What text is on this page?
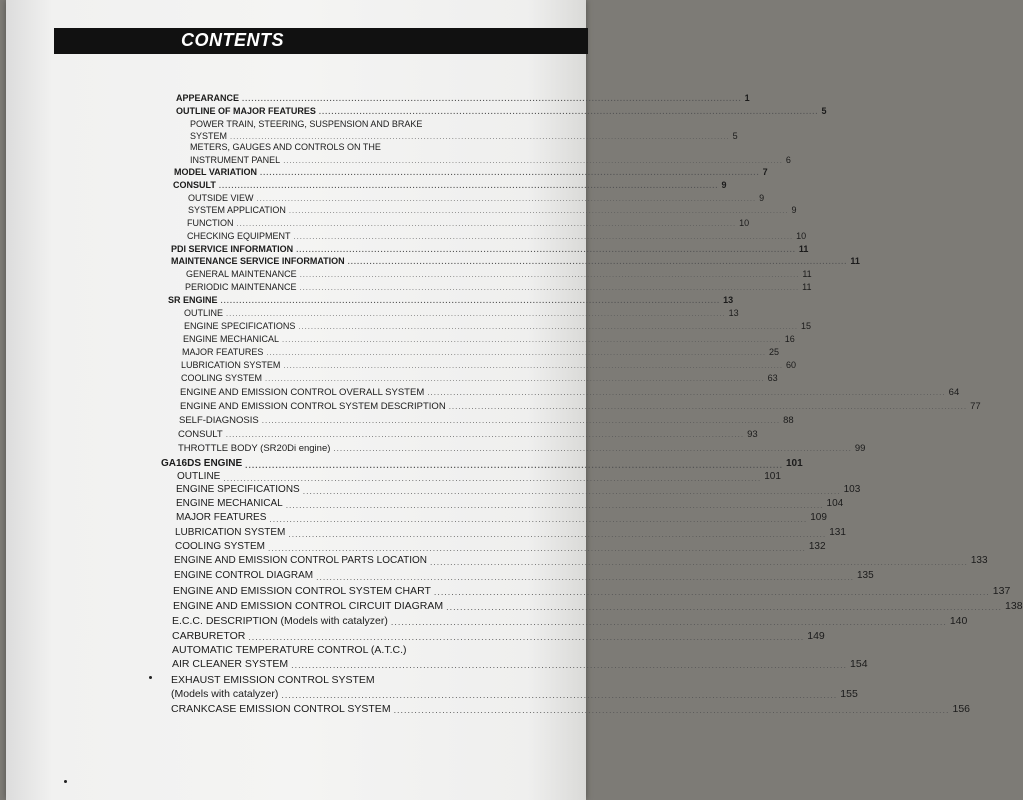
CONTENTS
APPEARANCE ................................................................................................................................................................ 1
OUTLINE OF MAJOR FEATURES ................................................................................................................................................................ 5
POWER TRAIN, STEERING, SUSPENSION AND BRAKE
SYSTEM ................................................................................................................................................................ 5
METERS, GAUGES AND CONTROLS ON THE
INSTRUMENT PANEL ................................................................................................................................................................ 6
MODEL VARIATION ................................................................................................................................................................ 7
CONSULT ................................................................................................................................................................ 9
OUTSIDE VIEW ................................................................................................................................................................ 9
SYSTEM APPLICATION ................................................................................................................................................................ 9
FUNCTION ................................................................................................................................................................ 10
CHECKING EQUIPMENT ................................................................................................................................................................ 10
PDI SERVICE INFORMATION ................................................................................................................................................................ 11
MAINTENANCE SERVICE INFORMATION ................................................................................................................................................................ 11
GENERAL MAINTENANCE ................................................................................................................................................................ 11
PERIODIC MAINTENANCE ................................................................................................................................................................ 11
SR ENGINE ................................................................................................................................................................ 13
OUTLINE ................................................................................................................................................................ 13
ENGINE SPECIFICATIONS ................................................................................................................................................................ 15
ENGINE MECHANICAL ................................................................................................................................................................ 16
MAJOR FEATURES ................................................................................................................................................................ 25
LUBRICATION SYSTEM ................................................................................................................................................................ 60
COOLING SYSTEM ................................................................................................................................................................ 63
ENGINE AND EMISSION CONTROL OVERALL SYSTEM ................................................................................................................................................................ 64
ENGINE AND EMISSION CONTROL SYSTEM DESCRIPTION ................................................................................................................................................................ 77
SELF-DIAGNOSIS ................................................................................................................................................................ 88
CONSULT ................................................................................................................................................................ 93
THROTTLE BODY (SR20Di engine) ................................................................................................................................................................ 99
GA16DS ENGINE ................................................................................................................................................................ 101
OUTLINE ................................................................................................................................................................ 101
ENGINE SPECIFICATIONS ................................................................................................................................................................ 103
ENGINE MECHANICAL ................................................................................................................................................................ 104
MAJOR FEATURES ................................................................................................................................................................ 109
LUBRICATION SYSTEM ................................................................................................................................................................ 131
COOLING SYSTEM ................................................................................................................................................................ 132
ENGINE AND EMISSION CONTROL PARTS LOCATION ................................................................................................................................................................ 133
ENGINE CONTROL DIAGRAM ................................................................................................................................................................ 135
ENGINE AND EMISSION CONTROL SYSTEM CHART ................................................................................................................................................................ 137
ENGINE AND EMISSION CONTROL CIRCUIT DIAGRAM ................................................................................................................................................................ 138
E.C.C. DESCRIPTION (Models with catalyzer) ................................................................................................................................................................ 140
CARBURETOR ................................................................................................................................................................ 149
AUTOMATIC TEMPERATURE CONTROL (A.T.C.)
AIR CLEANER SYSTEM ................................................................................................................................................................ 154
EXHAUST EMISSION CONTROL SYSTEM
(Models with catalyzer) ................................................................................................................................................................ 155
CRANKCASE EMISSION CONTROL SYSTEM ................................................................................................................................................................ 156
